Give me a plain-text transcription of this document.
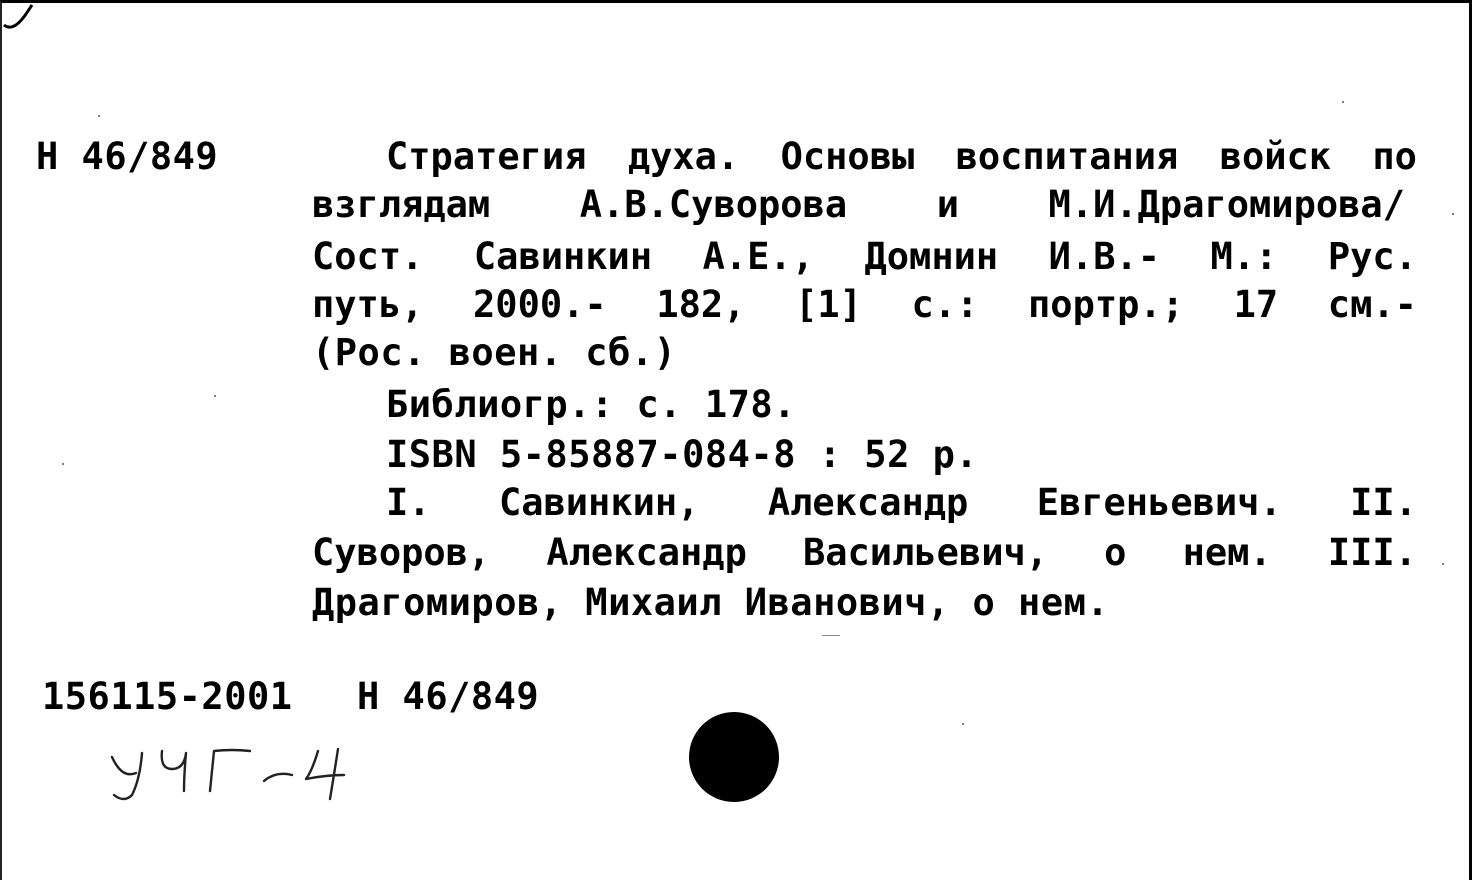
Н 46/849	Стратегия духа. Основы воспитания войск по
взглядам А.В.Суворова и М.И.Драгомирова/
Сост. Савинкин А.Е., Домнин И.В.- М.: Рус.
путь, 2000.- 182, [1] с.: портр.; 17 см.-
(Рос. воен. сб.)
Библиогр.: с. 178.
ISBN 5-85887-084-8 : 52 р.
I. Савинкин, Александр Евгеньевич. II.
Суворов, Александр Васильевич, о нем. III.
Драгомиров, Михаил Иванович, о нем.
156115-2001 Н 46/849
